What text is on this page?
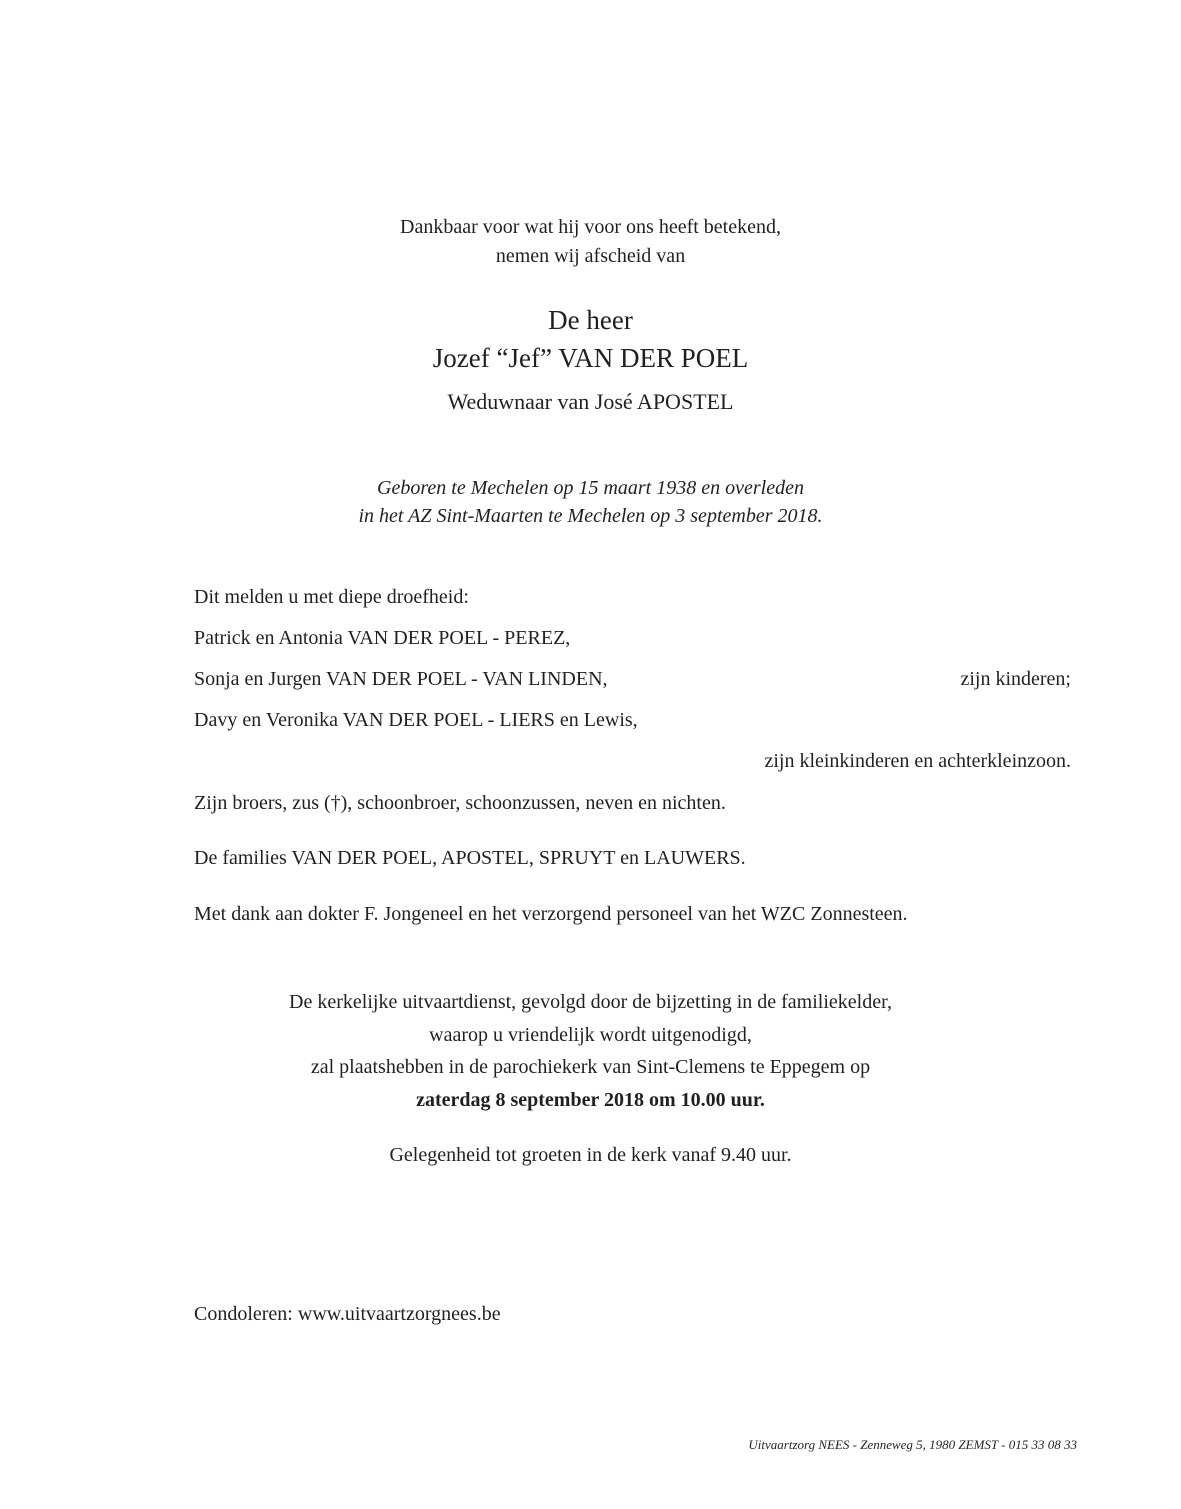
Dankbaar voor wat hij voor ons heeft betekend,
nemen wij afscheid van
De heer
Jozef “Jef” VAN DER POEL
Weduwnaar van José APOSTEL
Geboren te Mechelen op 15 maart 1938 en overleden
in het AZ Sint-Maarten te Mechelen op 3 september 2018.
Dit melden u met diepe droefheid:
Patrick en Antonia VAN DER POEL - PEREZ,
Sonja en Jurgen VAN DER POEL - VAN LINDEN,	zijn kinderen;
Davy en Veronika VAN DER POEL - LIERS en Lewis,
zijn kleinkinderen en achterkleinzoon.
Zijn broers, zus (†), schoonbroer, schoonzussen, neven en nichten.
De families VAN DER POEL, APOSTEL, SPRUYT en LAUWERS.
Met dank aan dokter F. Jongeneel en het verzorgend personeel van het WZC Zonnesteen.
De kerkelijke uitvaartdienst, gevolgd door de bijzetting in de familiekelder,
waarop u vriendelijk wordt uitgenodigd,
zal plaatshebben in de parochiekerk van Sint-Clemens te Eppegem op
zaterdag 8 september 2018 om 10.00 uur.
Gelegenheid tot groeten in de kerk vanaf 9.40 uur.
Condoleren: www.uitvaartzorgnees.be
Uitvaartzorg NEES - Zenneweg 5, 1980 ZEMST - 015 33 08 33
